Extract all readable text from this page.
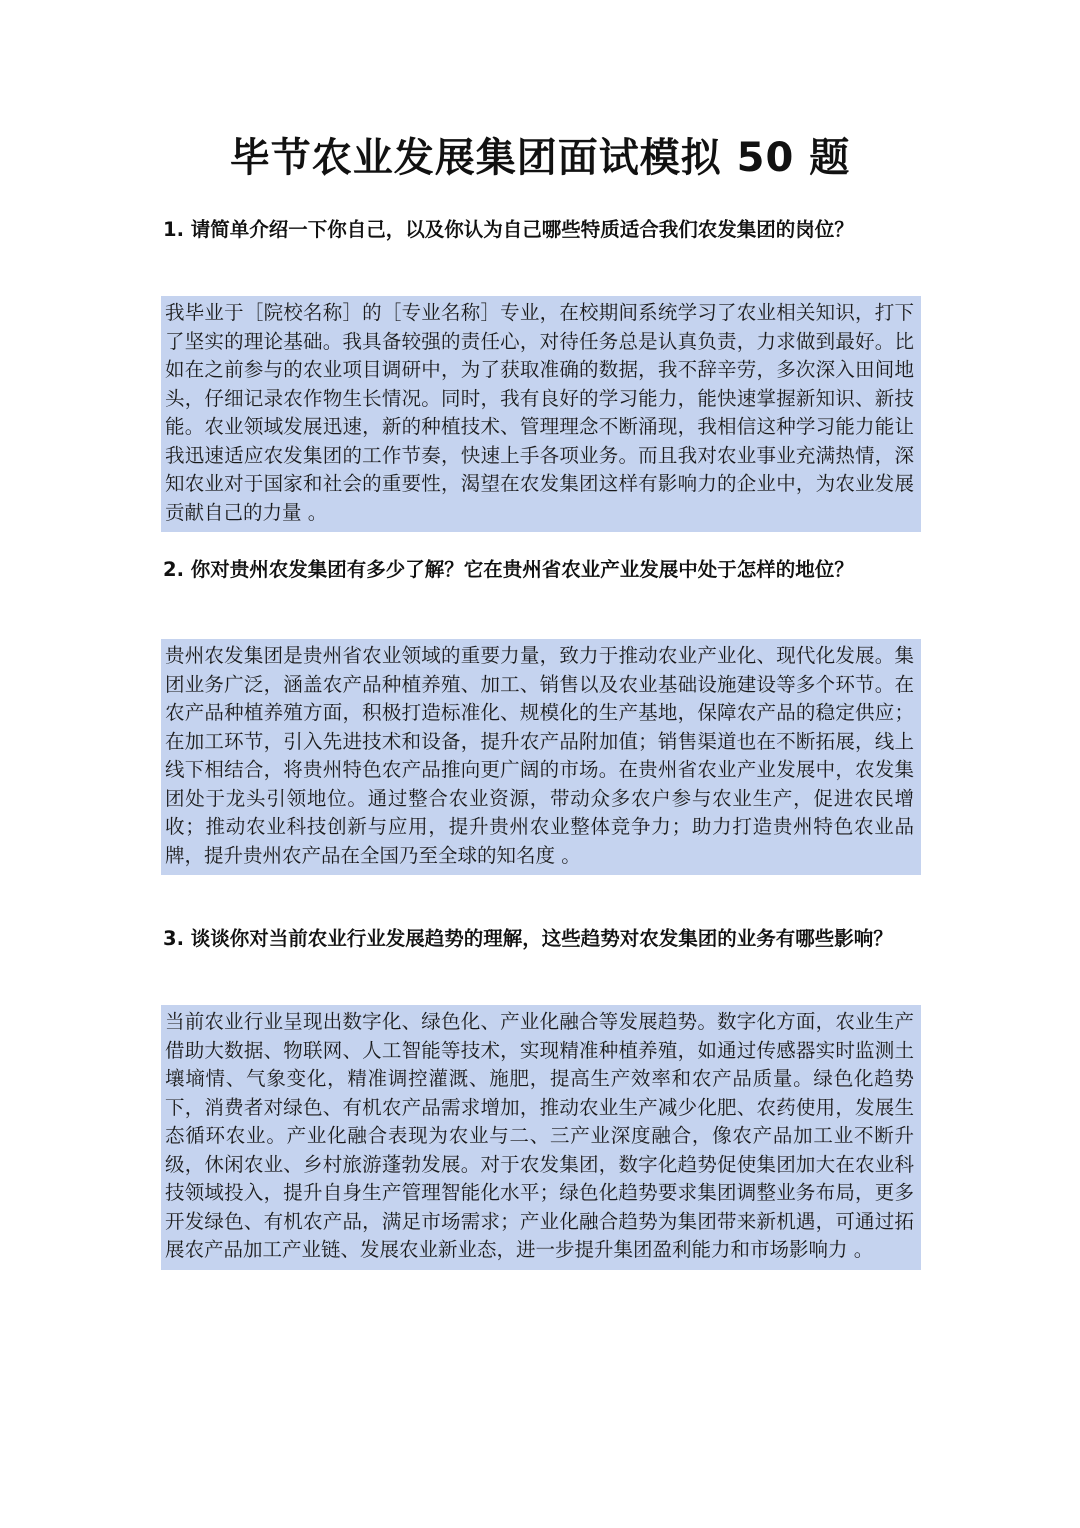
毕节农业发展集团面试模拟 50 题

1. 请简单介绍一下你自己，以及你认为自己哪些特质适合我们农发集团的岗位？

我毕业于［院校名称］的［专业名称］专业，在校期间系统学习了农业相关知识，打下了坚实的理论基础。我具备较强的责任心，对待任务总是认真负责，力求做到最好。比如在之前参与的农业项目调研中，为了获取准确的数据，我不辞辛劳，多次深入田间地头，仔细记录农作物生长情况。同时，我有良好的学习能力，能快速掌握新知识、新技能。农业领域发展迅速，新的种植技术、管理理念不断涌现，我相信这种学习能力能让我迅速适应农发集团的工作节奏，快速上手各项业务。而且我对农业事业充满热情，深知农业对于国家和社会的重要性，渴望在农发集团这样有影响力的企业中，为农业发展贡献自己的力量 。

2. 你对贵州农发集团有多少了解？它在贵州省农业产业发展中处于怎样的地位？

贵州农发集团是贵州省农业领域的重要力量，致力于推动农业产业化、现代化发展。集团业务广泛，涵盖农产品种植养殖、加工、销售以及农业基础设施建设等多个环节。在农产品种植养殖方面，积极打造标准化、规模化的生产基地，保障农产品的稳定供应；在加工环节，引入先进技术和设备，提升农产品附加值；销售渠道也在不断拓展，线上线下相结合，将贵州特色农产品推向更广阔的市场。在贵州省农业产业发展中，农发集团处于龙头引领地位。通过整合农业资源，带动众多农户参与农业生产，促进农民增收；推动农业科技创新与应用，提升贵州农业整体竞争力；助力打造贵州特色农业品牌，提升贵州农产品在全国乃至全球的知名度 。

3. 谈谈你对当前农业行业发展趋势的理解，这些趋势对农发集团的业务有哪些影响？

当前农业行业呈现出数字化、绿色化、产业化融合等发展趋势。数字化方面，农业生产借助大数据、物联网、人工智能等技术，实现精准种植养殖，如通过传感器实时监测土壤墒情、气象变化，精准调控灌溉、施肥，提高生产效率和农产品质量。绿色化趋势下，消费者对绿色、有机农产品需求增加，推动农业生产减少化肥、农药使用，发展生态循环农业。产业化融合表现为农业与二、三产业深度融合，像农产品加工业不断升级，休闲农业、乡村旅游蓬勃发展。对于农发集团，数字化趋势促使集团加大在农业科技领域投入，提升自身生产管理智能化水平；绿色化趋势要求集团调整业务布局，更多开发绿色、有机农产品，满足市场需求；产业化融合趋势为集团带来新机遇，可通过拓展农产品加工产业链、发展农业新业态，进一步提升集团盈利能力和市场影响力 。
